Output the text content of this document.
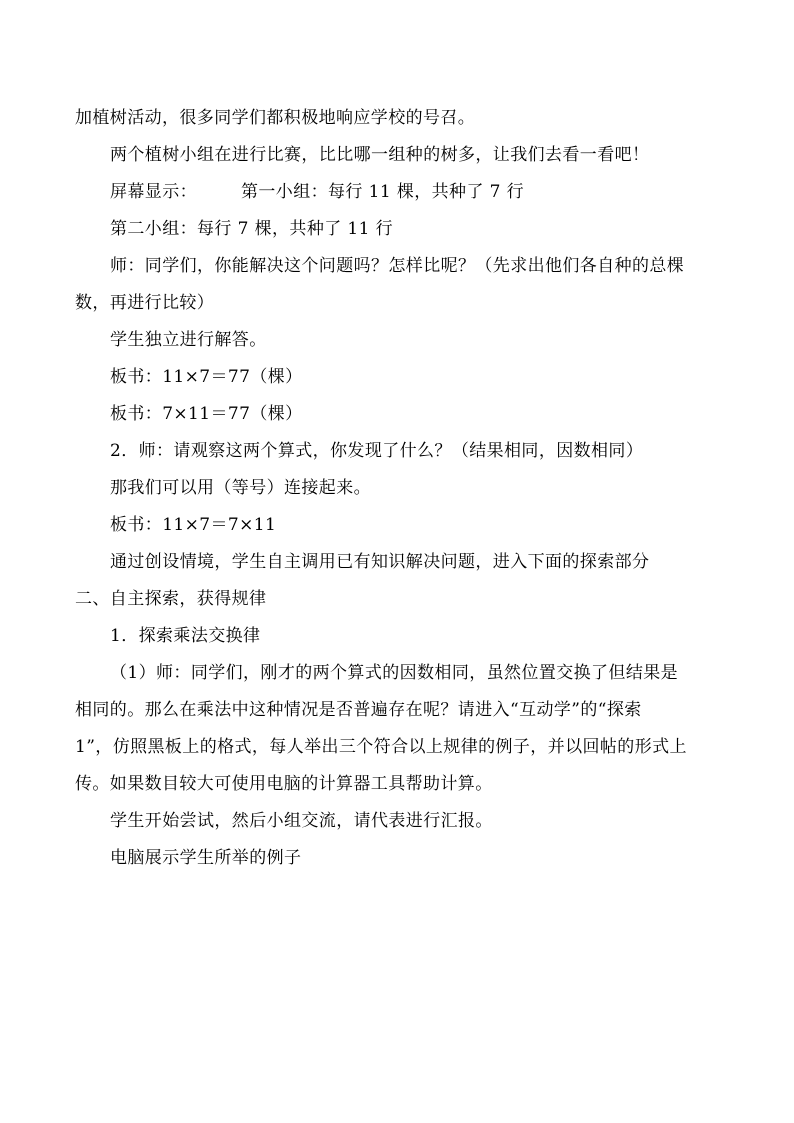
加植树活动，很多同学们都积极地响应学校的号召。
两个植树小组在进行比赛，比比哪一组种的树多，让我们去看一看吧！
屏幕显示：	第一小组：每行 11 棵，共种了 7 行
第二小组：每行 7 棵，共种了 11 行
师：同学们，你能解决这个问题吗？怎样比呢？（先求出他们各自种的总棵
数，再进行比较）
学生独立进行解答。
板书：11×7＝77（棵）
板书：7×11＝77（棵）
2．师：请观察这两个算式，你发现了什么？（结果相同，因数相同）
那我们可以用（等号）连接起来。
板书：11×7＝7×11
通过创设情境，学生自主调用已有知识解决问题，进入下面的探索部分
二、自主探索，获得规律
1．探索乘法交换律
（1）师：同学们，刚才的两个算式的因数相同，虽然位置交换了但结果是
相同的。那么在乘法中这种情况是否普遍存在呢？请进入“互动学”的“探索
1”，仿照黑板上的格式，每人举出三个符合以上规律的例子，并以回帖的形式上
传。如果数目较大可使用电脑的计算器工具帮助计算。
学生开始尝试，然后小组交流，请代表进行汇报。
电脑展示学生所举的例子
